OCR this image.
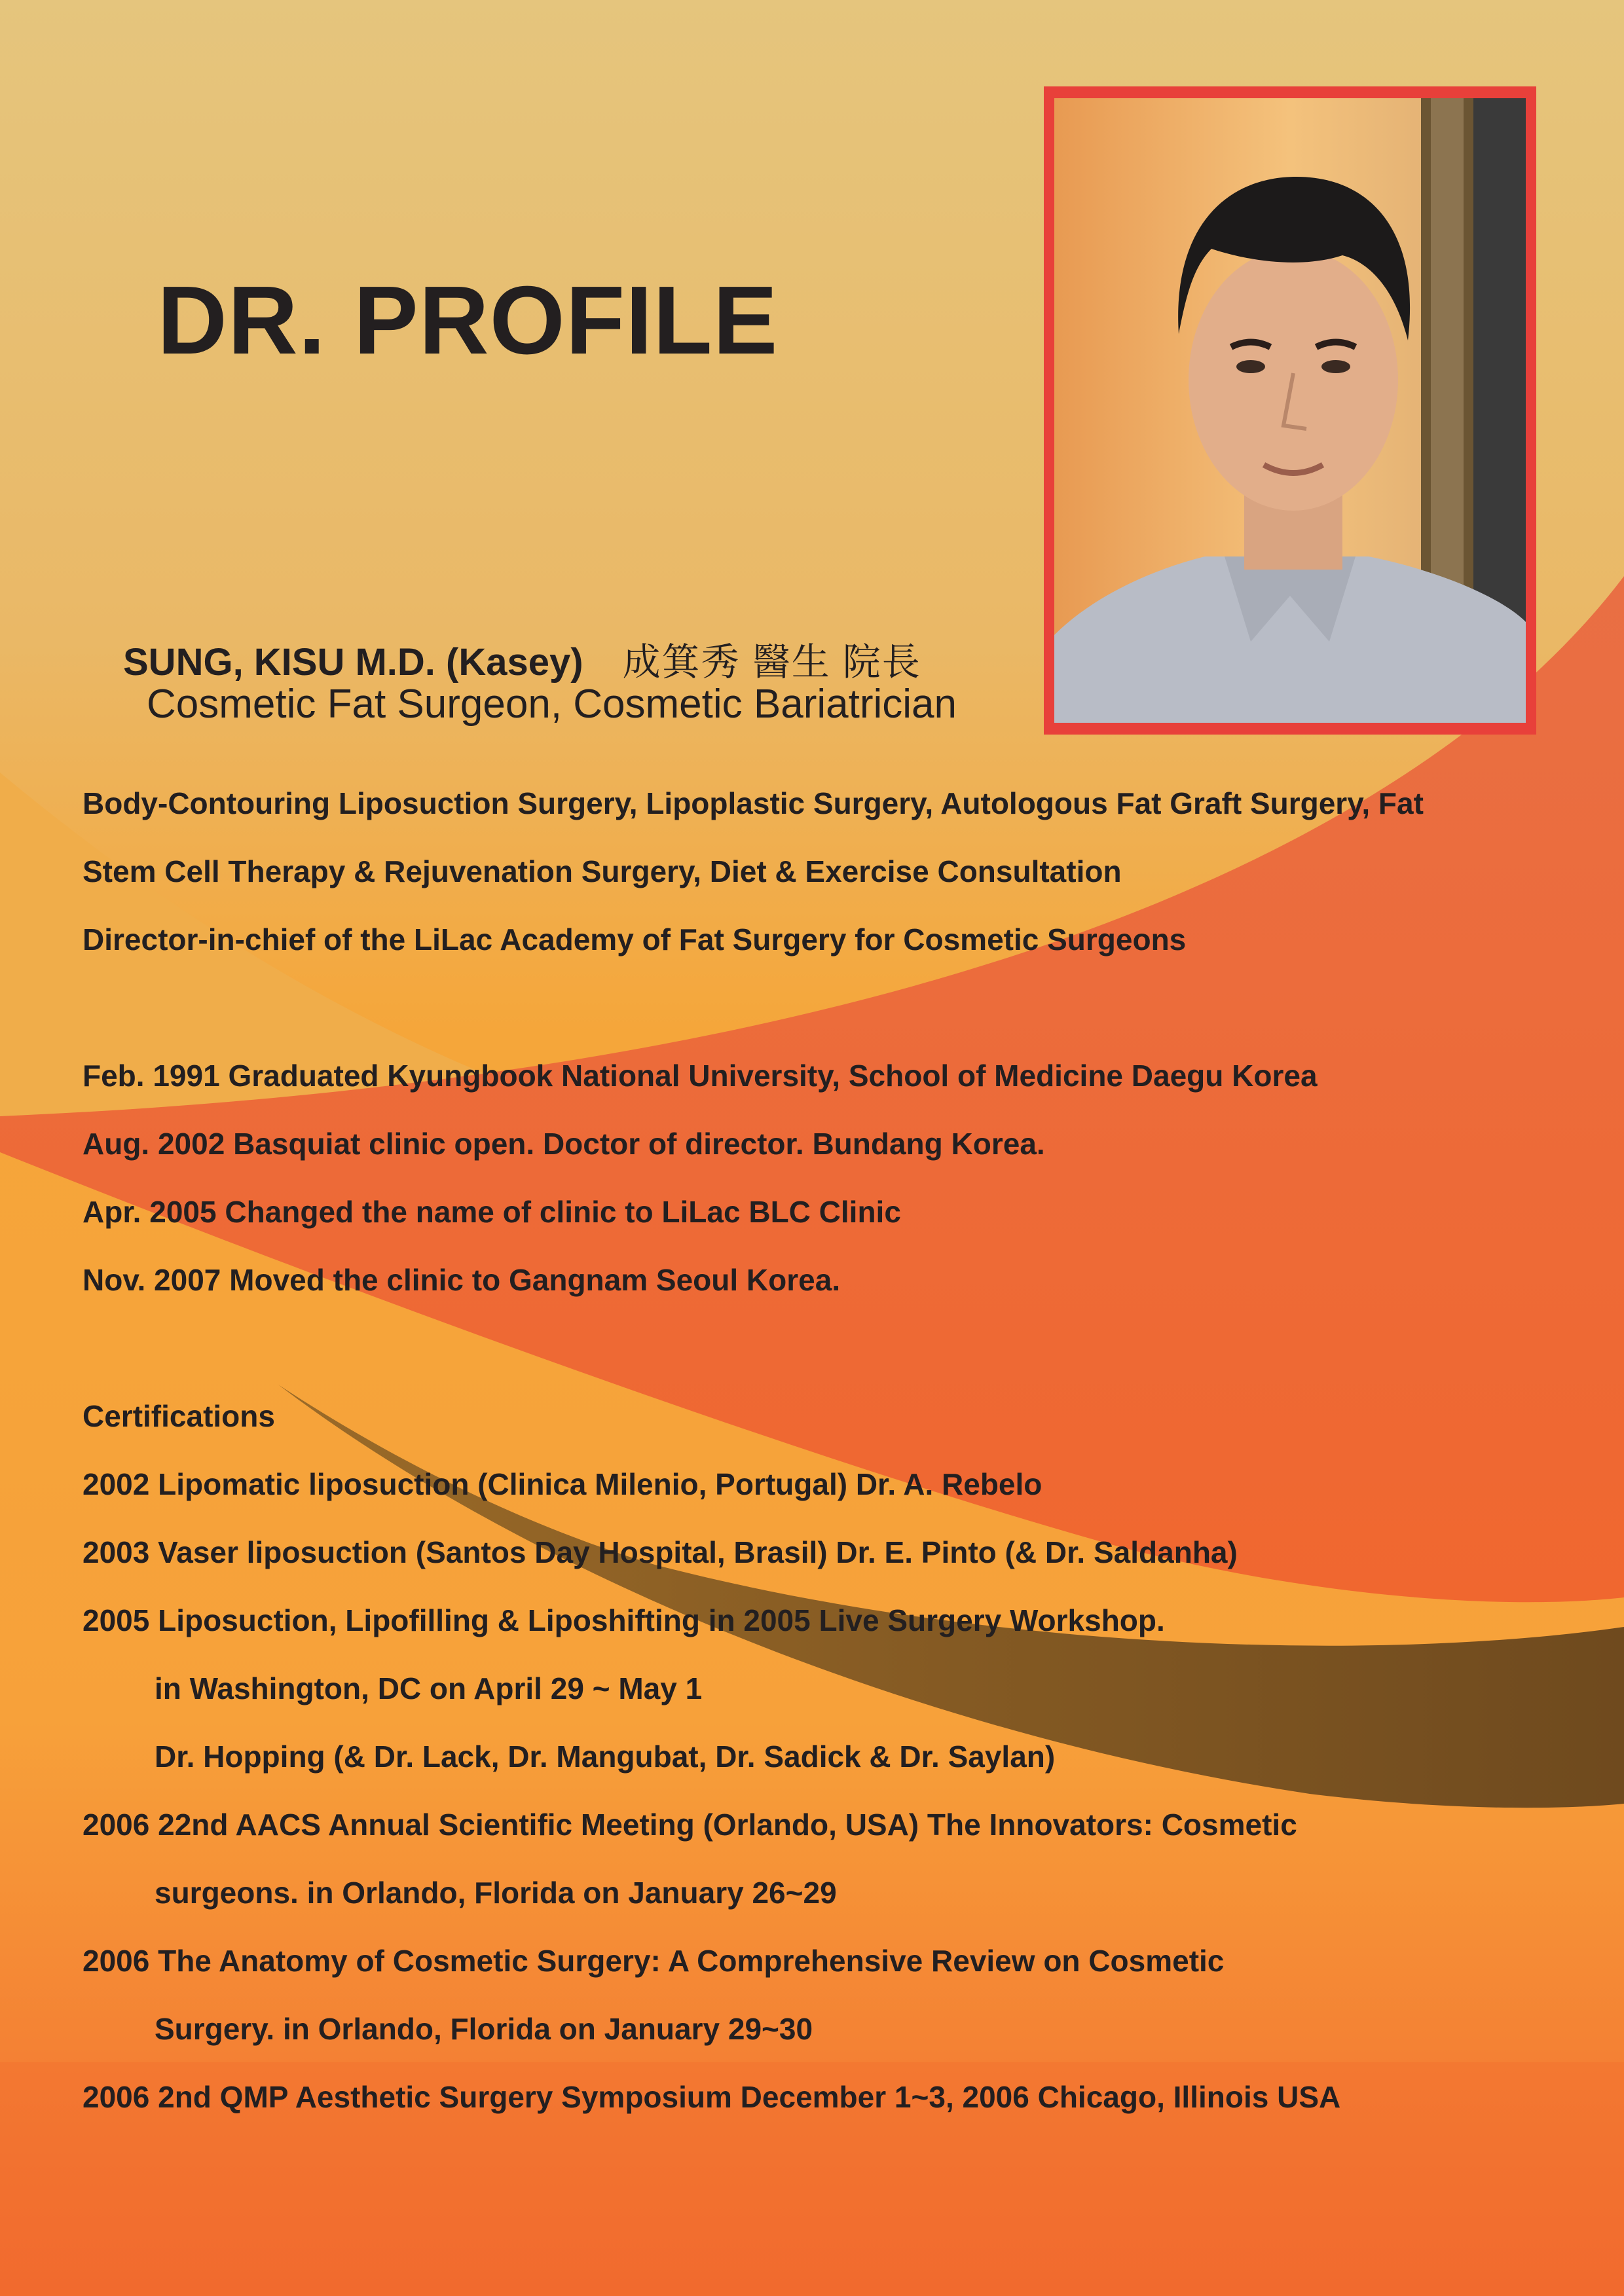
DR. PROFILE
SUNG, KISU M.D. (Kasey) 成箕秀 醫生 院長
Cosmetic Fat Surgeon, Cosmetic Bariatrician
Body-Contouring Liposuction Surgery, Lipoplastic Surgery, Autologous Fat Graft Surgery, Fat
Stem Cell Therapy & Rejuvenation Surgery, Diet & Exercise Consultation
Director-in-chief of the LiLac Academy of Fat Surgery for Cosmetic Surgeons
Feb. 1991 Graduated Kyungbook National University, School of Medicine Daegu Korea
Aug. 2002 Basquiat clinic open. Doctor of director. Bundang Korea.
Apr. 2005 Changed the name of clinic to LiLac BLC Clinic
Nov. 2007 Moved the clinic to Gangnam Seoul Korea.
Certifications
2002 Lipomatic liposuction (Clinica Milenio, Portugal) Dr. A. Rebelo
2003 Vaser liposuction (Santos Day Hospital, Brasil) Dr. E. Pinto (& Dr. Saldanha)
2005 Liposuction, Lipofilling & Liposhifting in 2005 Live Surgery Workshop.
in Washington, DC on April 29 ~ May 1
Dr. Hopping (& Dr. Lack, Dr. Mangubat, Dr. Sadick & Dr. Saylan)
2006 22nd AACS Annual Scientific Meeting (Orlando, USA) The Innovators: Cosmetic
surgeons. in Orlando, Florida on January 26~29
2006 The Anatomy of Cosmetic Surgery: A Comprehensive Review on Cosmetic
Surgery. in Orlando, Florida on January 29~30
2006 2nd QMP Aesthetic Surgery Symposium December 1~3, 2006 Chicago, Illinois USA
